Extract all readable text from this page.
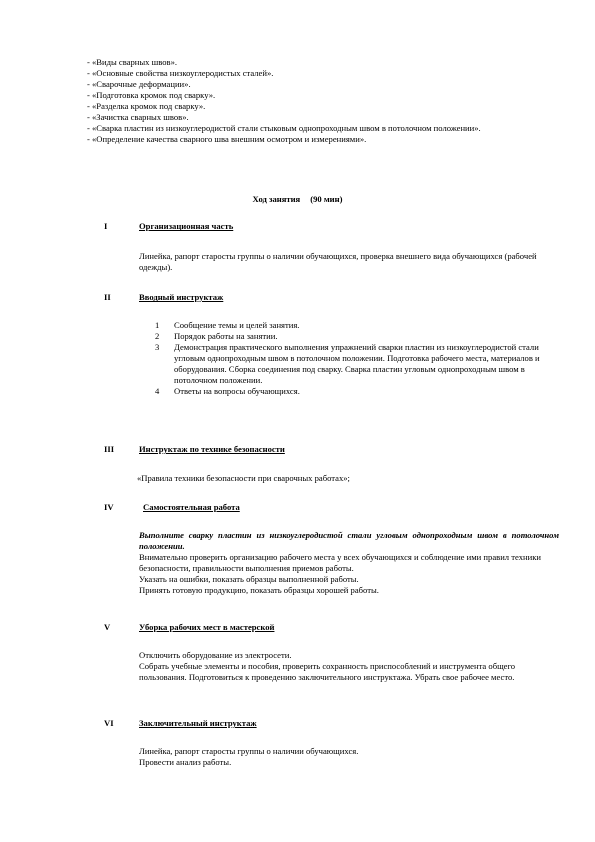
- «Виды сварных швов».
- «Основные свойства низкоуглеродистых сталей».
- «Сварочные деформации».
- «Подготовка кромок под сварку».
- «Разделка кромок под сварку».
- «Зачистка сварных швов».
- «Сварка пластин из низкоуглеродистой стали стыковым однопроходным швом в потолочном положении».
- «Определение качества сварного шва внешним осмотром и измерениями».
Ход занятия (90 мин)
I	Организационная часть
Линейка, рапорт старосты группы о наличии обучающихся, проверка внешнего вида обучающихся (рабочей одежды).
II	Вводный инструктаж
1 Сообщение темы и целей занятия.
2 Порядок работы на занятии.
3 Демонстрация практического выполнения упражнений сварки пластин из низкоуглеродистой стали угловым однопроходным швом в потолочном положении. Подготовка рабочего места, материалов и оборудования. Сборка соединения под сварку. Сварка пластин угловым однопроходным швом в потолочном положении.
4 Ответы на вопросы обучающихся.
III	Инструктаж по технике безопасности
«Правила техники безопасности при сварочных работах»;
IV	Самостоятельная работа
Выполните сварку пластин из низкоуглеродистой стали угловым однопроходным швом в потолочном положении.
Внимательно проверить организацию рабочего места у всех обучающихся и соблюдение ими правил техники безопасности, правильности выполнения приемов работы.
Указать на ошибки, показать образцы выполненной работы.
Принять готовую продукцию, показать образцы хорошей работы.
V	Уборка рабочих мест в мастерской
Отключить оборудование из электросети.
Собрать учебные элементы и пособия, проверить сохранность приспособлений и инструмента общего пользования. Подготовиться к проведению заключительного инструктажа. Убрать свое рабочее место.
VI	Заключительный инструктаж
Линейка, рапорт старосты группы о наличии обучающихся.
Провести анализ работы.
